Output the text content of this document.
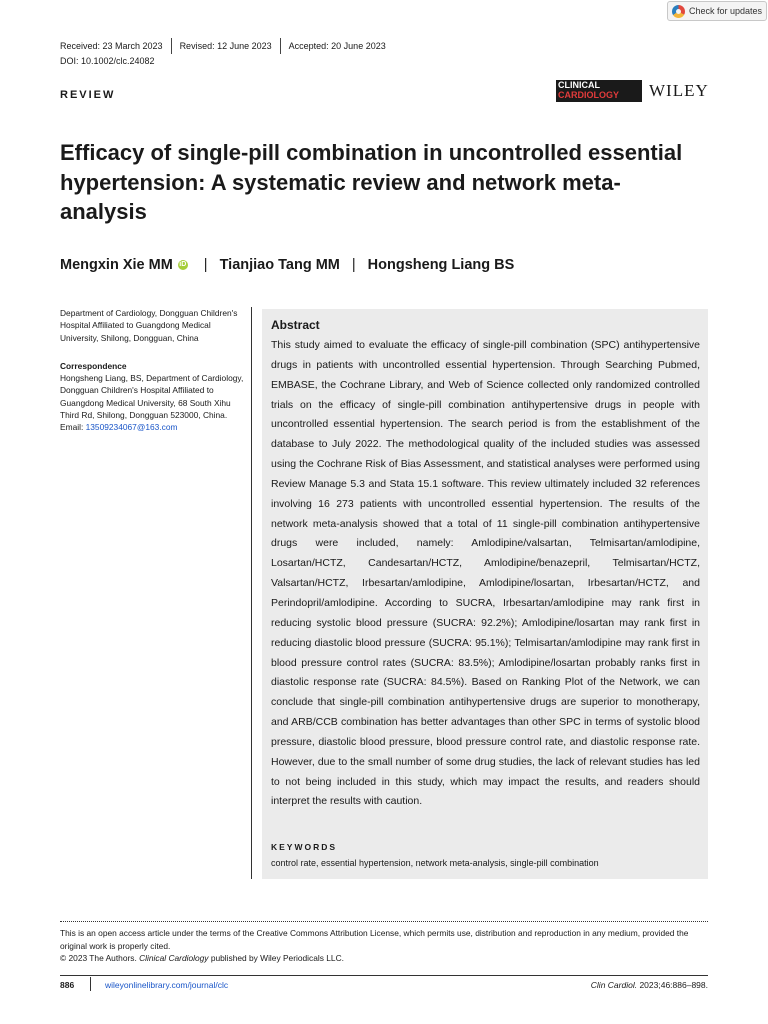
Check for updates
Received: 23 March 2023 Revised: 12 June 2023 Accepted: 20 June 2023
DOI: 10.1002/clc.24082
REVIEW
CLINICAL
CARDIOLOGY	WILEY
Efficacy of single-pill combination in uncontrolled essential hypertension: A systematic review and network meta-analysis
Mengxin Xie MM iD | Tianjiao Tang MM | Hongsheng Liang BS

Department of Cardiology, Dongguan Children's Hospital Affiliated to Guangdong Medical University, Shilong, Dongguan, China

Correspondence

Hongsheng Liang, BS, Department of Cardiology, Dongguan Children's Hospital Affiliated to Guangdong Medical University, 68 South Xihu Third Rd, Shilong, Dongguan 523000, China.

Email: 13509234067@163.com

Abstract

This study aimed to evaluate the efficacy of single-pill combination (SPC) antihypertensive drugs in patients with uncontrolled essential hypertension. Through Searching Pubmed, EMBASE, the Cochrane Library, and Web of Science collected only randomized controlled trials on the efficacy of single-pill combination antihypertensive drugs in people with uncontrolled essential hypertension. The search period is from the establishment of the database to July 2022. The methodological quality of the included studies was assessed using the Cochrane Risk of Bias Assessment, and statistical analyses were performed using Review Manage 5.3 and Stata 15.1 software. This review ultimately included 32 references involving 16 273 patients with uncontrolled essential hypertension. The results of the network meta-analysis showed that a total of 11 single-pill combination antihypertensive drugs were included, namely: Amlodipine/valsartan, Telmisartan/amlodipine, Losartan/HCTZ, Candesartan/HCTZ, Amlodipine/benazepril, Telmisartan/HCTZ, Valsartan/HCTZ, Irbesartan/amlodipine, Amlodipine/losartan, Irbesartan/HCTZ, and Perindopril/amlodipine. According to SUCRA, Irbesartan/amlodipine may rank first in reducing systolic blood pressure (SUCRA: 92.2%); Amlodipine/losartan may rank first in reducing diastolic blood pressure (SUCRA: 95.1%); Telmisartan/amlodipine may rank first in blood pressure control rates (SUCRA: 83.5%); Amlodipine/losartan probably ranks first in diastolic response rate (SUCRA: 84.5%). Based on Ranking Plot of the Network, we can conclude that single-pill combination antihypertensive drugs are superior to monotherapy, and ARB/CCB combination has better advantages than other SPC in terms of systolic blood pressure, diastolic blood pressure, blood pressure control rate, and diastolic response rate. However, due to the small number of some drug studies, the lack of relevant studies has led to not being included in this study, which may impact the results, and readers should interpret the results with caution.

KEYWORDS
control rate, essential hypertension, network meta-analysis, single-pill combination

This is an open access article under the terms of the Creative Commons Attribution License, which permits use, distribution and reproduction in any medium, provided the original work is properly cited.

© 2023 The Authors. Clinical Cardiology published by Wiley Periodicals LLC.

886	wileyonlinelibrary.com/journal/clc	Clin Cardiol. 2023;46:886–898.
